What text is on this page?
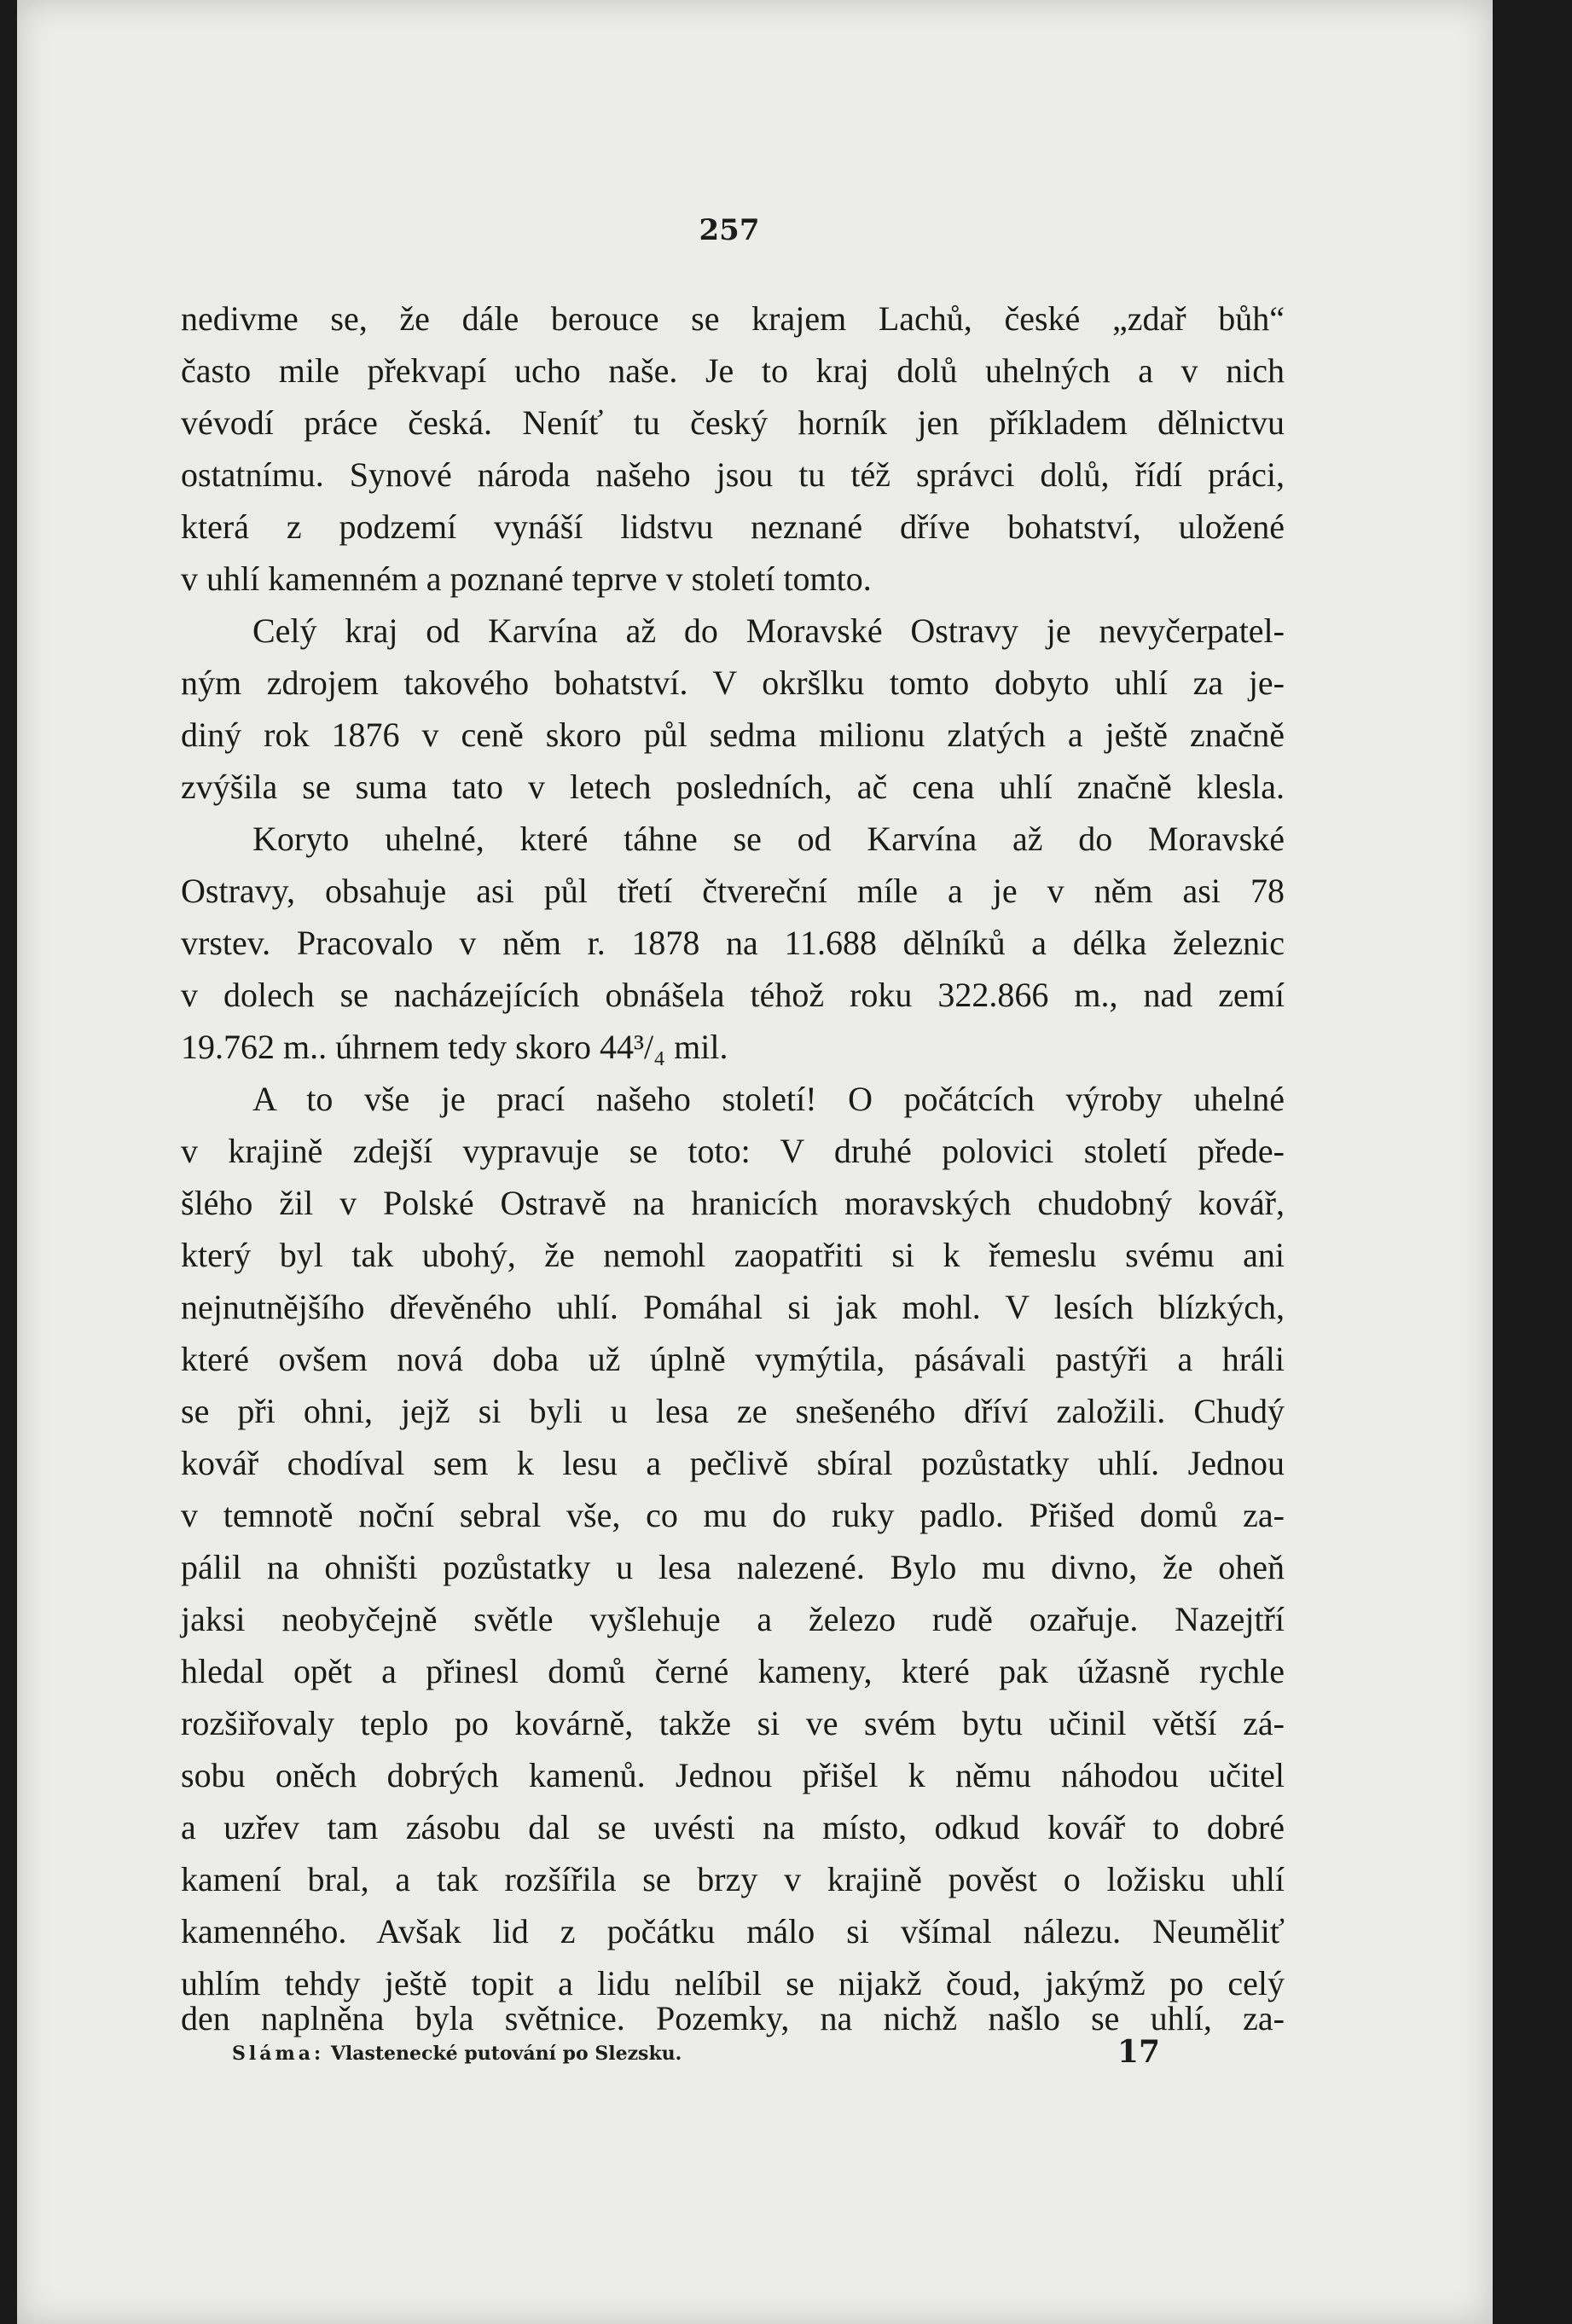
257
nedivme se, že dále berouce se krajem Lachů, české „zdař bůh“
často mile překvapí ucho naše. Je to kraj dolů uhelných a v nich
vévodí práce česká. Neníť tu český horník jen příkladem dělnictvu
ostatnímu. Synové národa našeho jsou tu též správci dolů, řídí práci,
která z podzemí vynáší lidstvu neznané dříve bohatství, uložené
v uhlí kamenném a poznané teprve v století tomto.
Celý kraj od Karvína až do Moravské Ostravy je nevyčerpatel-
ným zdrojem takového bohatství. V okršlku tomto dobyto uhlí za je-
diný rok 1876 v ceně skoro půl sedma milionu zlatých a ještě značně
zvýšila se suma tato v letech posledních, ač cena uhlí značně klesla.
Koryto uhelné, které táhne se od Karvína až do Moravské
Ostravy, obsahuje asi půl třetí čtvereční míle a je v něm asi 78
vrstev. Pracovalo v něm r. 1878 na 11.688 dělníků a délka železnic
v dolech se nacházejících obnášela téhož roku 322.866 m., nad zemí
19.762 m.. úhrnem tedy skoro 44³/₄ mil.
A to vše je prací našeho století! O počátcích výroby uhelné
v krajině zdejší vypravuje se toto: V druhé polovici století přede-
šlého žil v Polské Ostravě na hranicích moravských chudobný kovář,
který byl tak ubohý, že nemohl zaopatřiti si k řemeslu svému ani
nejnutnějšího dřevěného uhlí. Pomáhal si jak mohl. V lesích blízkých,
které ovšem nová doba už úplně vymýtila, pásávali pastýři a hráli
se při ohni, jejž si byli u lesa ze snešeného dříví založili. Chudý
kovář chodíval sem k lesu a pečlivě sbíral pozůstatky uhlí. Jednou
v temnotě noční sebral vše, co mu do ruky padlo. Přišed domů za-
pálil na ohništi pozůstatky u lesa nalezené. Bylo mu divno, že oheň
jaksi neobyčejně světle vyšlehuje a železo rudě ozařuje. Nazejtří
hledal opět a přinesl domů černé kameny, které pak úžasně rychle
rozšiřovaly teplo po kovárně, takže si ve svém bytu učinil větší zá-
sobu oněch dobrých kamenů. Jednou přišel k němu náhodou učitel
a uzřev tam zásobu dal se uvésti na místo, odkud kovář to dobré
kamení bral, a tak rozšířila se brzy v krajině pověst o ložisku uhlí
kamenného. Avšak lid z počátku málo si všímal nálezu. Neuměliť
uhlím tehdy ještě topit a lidu nelíbil se nijakž čoud, jakýmž po celý
den naplněna byla světnice. Pozemky, na nichž našlo se uhlí, za-
Sláma: Vlastenecké putování po Slezsku.	17
